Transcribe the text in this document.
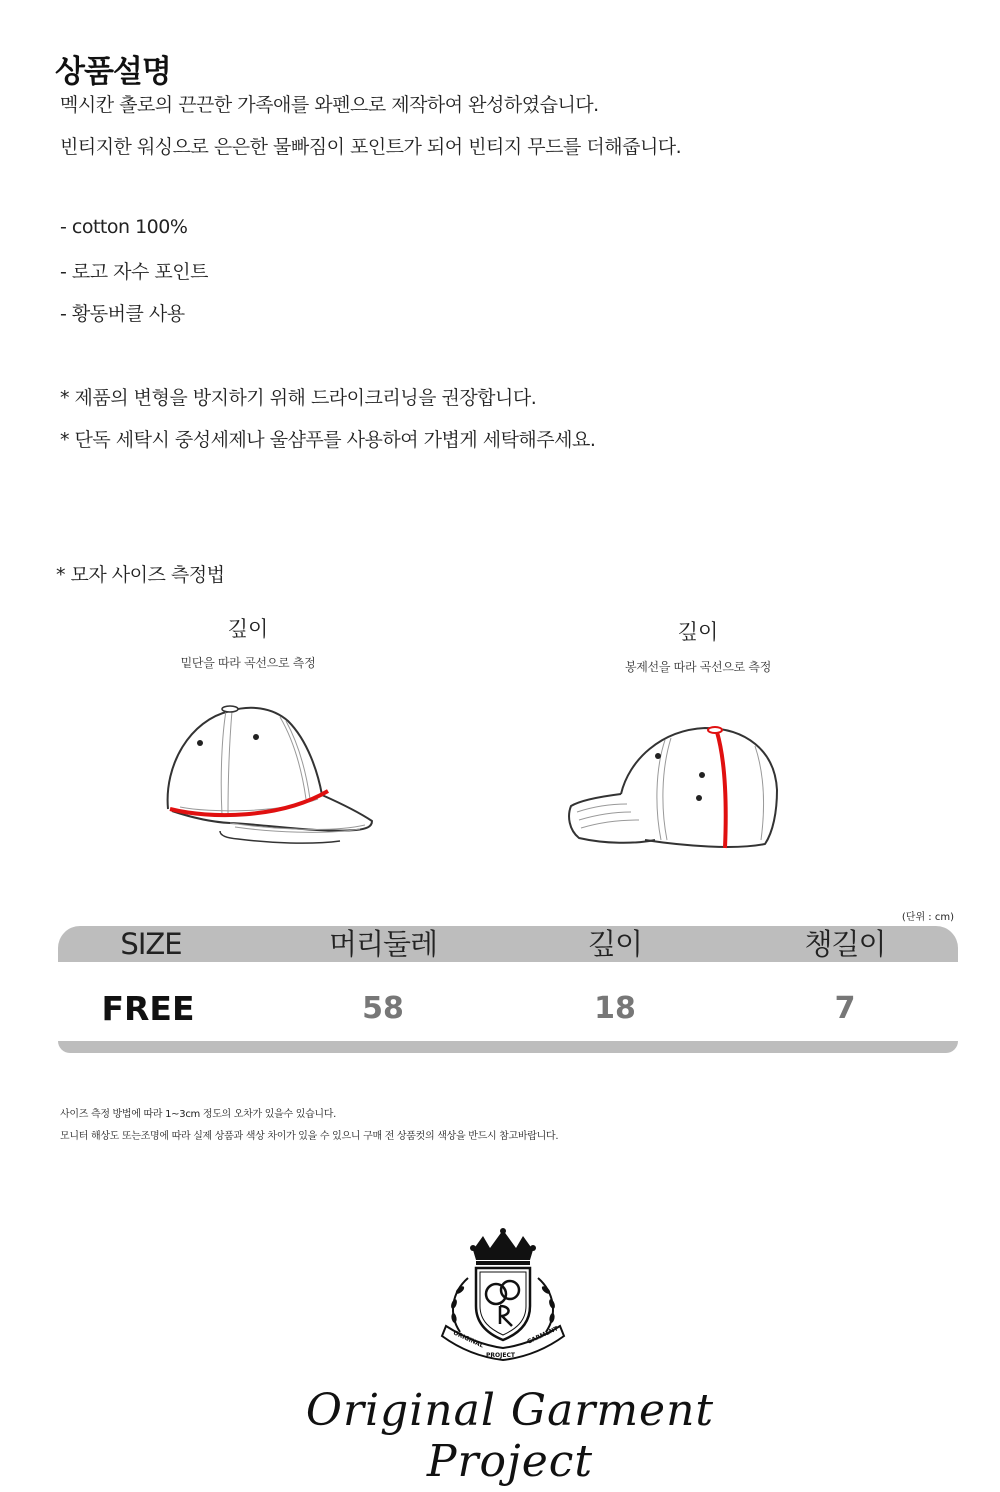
상품설명
멕시칸 촐로의 끈끈한 가족애를 와펜으로 제작하여 완성하였습니다.
빈티지한 워싱으로 은은한 물빠짐이 포인트가 되어 빈티지 무드를 더해줍니다.
- cotton 100%
- 로고 자수 포인트
- 황동버클 사용
* 제품의 변형을 방지하기 위해 드라이크리닝을 권장합니다.
* 단독 세탁시 중성세제나 울샴푸를 사용하여 가볍게 세탁해주세요.
* 모자 사이즈 측정법
깊이
밑단을 따라 곡선으로 측정
깊이
봉제선을 따라 곡선으로 측정
(단위 : cm)
SIZE	머리둘레	깊이	챙길이
FREE	58	18	7
사이즈 측정 방법에 따라 1~3cm 정도의 오차가 있을수 있습니다.
모니터 해상도 또는조명에 따라 실제 상품과 색상 차이가 있을 수 있으니 구매 전 상품컷의 색상을 반드시 참고바랍니다.
ORIGINAL	GARMENT
PROJECT
Original Garment Project
